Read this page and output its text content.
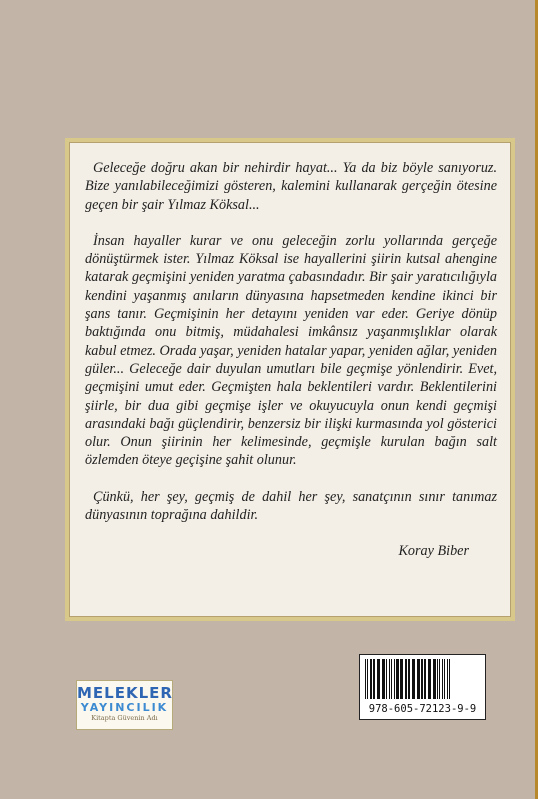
Geleceğe doğru akan bir nehirdir hayat... Ya da biz böyle sanıyoruz. Bize yanılabileceğimizi gösteren, kalemini kullanarak gerçeğin ötesine geçen bir şair Yılmaz Köksal...

İnsan hayaller kurar ve onu geleceğin zorlu yollarında gerçeğe dönüştürmek ister. Yılmaz Köksal ise hayallerini şiirin kutsal ahengine katarak geçmişini yeniden yaratma çabasındadır. Bir şair yaratıcılığıyla kendini yaşanmış anıların dünyasına hapsetmeden kendine ikinci bir şans tanır. Geçmişinin her detayını yeniden var eder. Geriye dönüp baktığında onu bitmiş, müdahalesi imkânsız yaşanmışlıklar olarak kabul etmez. Orada yaşar, yeniden hatalar yapar, yeniden ağlar, yeniden güler... Geleceğe dair duyulan umutları bile geçmişe yönlendirir. Evet, geçmişini umut eder. Geçmişten hala beklentileri vardır. Beklentilerini şiirle, bir dua gibi geçmişe işler ve okuyucuyla onun kendi geçmişi arasındaki bağı güçlendirir, benzersiz bir ilişki kurmasında yol gösterici olur. Onun şiirinin her kelimesinde, geçmişle kurulan bağın salt özlemden öteye geçişine şahit olunur.

Çünkü, her şey, geçmiş de dahil her şey, sanatçının sınır tanımaz dünyasının toprağına dahildir.

Koray Biber

MELEKLER
YAYINCILIK
Kitapta Güvenin Adı
978-605-72123-9-9
